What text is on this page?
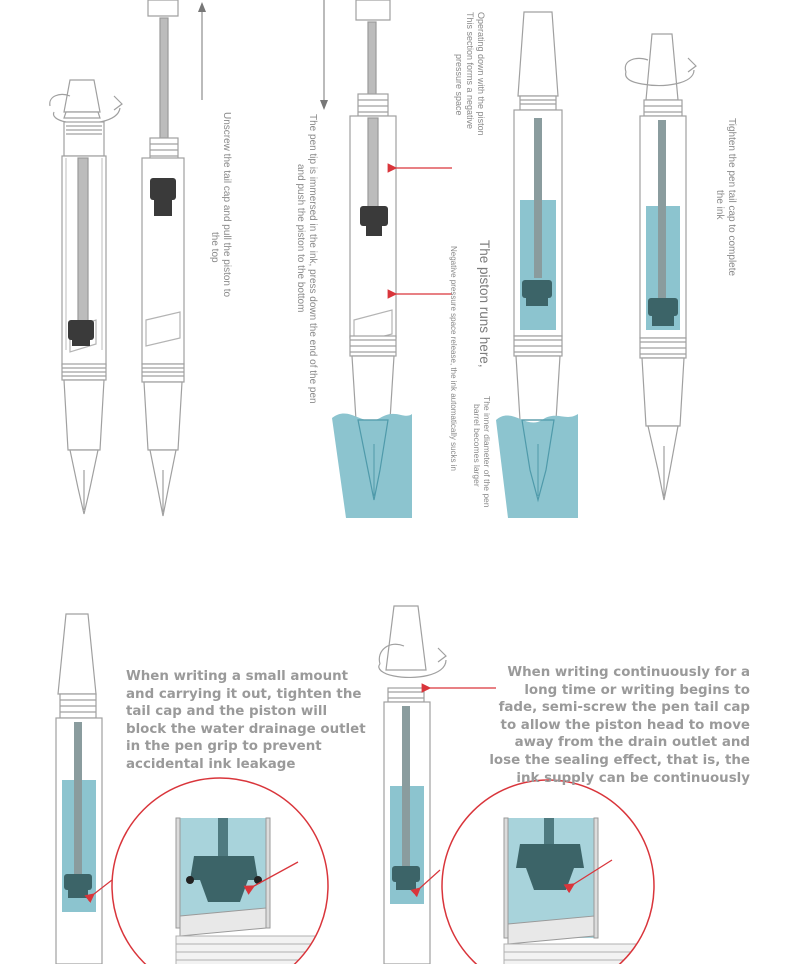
Unscrew the tail cap and pull the piston to
the top	The pen tip is immersed in the ink, press down the end of the pen
and push the piston to the bottom
Operating down with the piston
This section forms a negative
pressure space
The piston runs here,
The inner diameter of the pen
barrel becomes larger
Negative pressure space release, the ink automatically sucks in
Tighten the pen tail cap to complete
the ink
When writing a small amount
and carrying it out, tighten the
tail cap and the piston will
block the water drainage outlet
in the pen grip to prevent
accidental ink leakage
When writing continuously for a
long time or writing begins to
fade, semi-screw the pen tail cap
to allow the piston head to move
away from the drain outlet and
lose the sealing effect, that is, the
ink supply can be continuously
